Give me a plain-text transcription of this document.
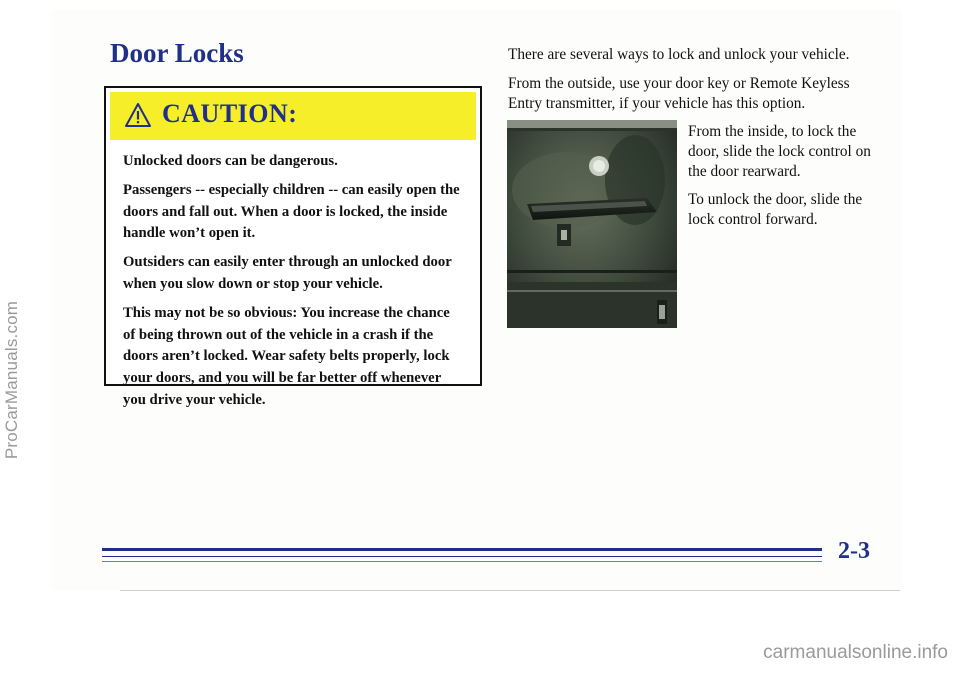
ProCarManuals.com
Door Locks
CAUTION:

Unlocked doors can be dangerous.

Passengers -- especially children -- can easily open the doors and fall out. When a door is locked, the inside handle won’t open it.

Outsiders can easily enter through an unlocked door when you slow down or stop your vehicle.

This may not be so obvious: You increase the chance of being thrown out of the vehicle in a crash if the doors aren’t locked. Wear safety belts properly, lock your doors, and you will be far better off whenever you drive your vehicle.

There are several ways to lock and unlock your vehicle.

From the outside, use your door key or Remote Keyless Entry transmitter, if your vehicle has this option.

From the inside, to lock the door, slide the lock control on the door rearward.

To unlock the door, slide the lock control forward.

2-3
carmanualsonline.info
